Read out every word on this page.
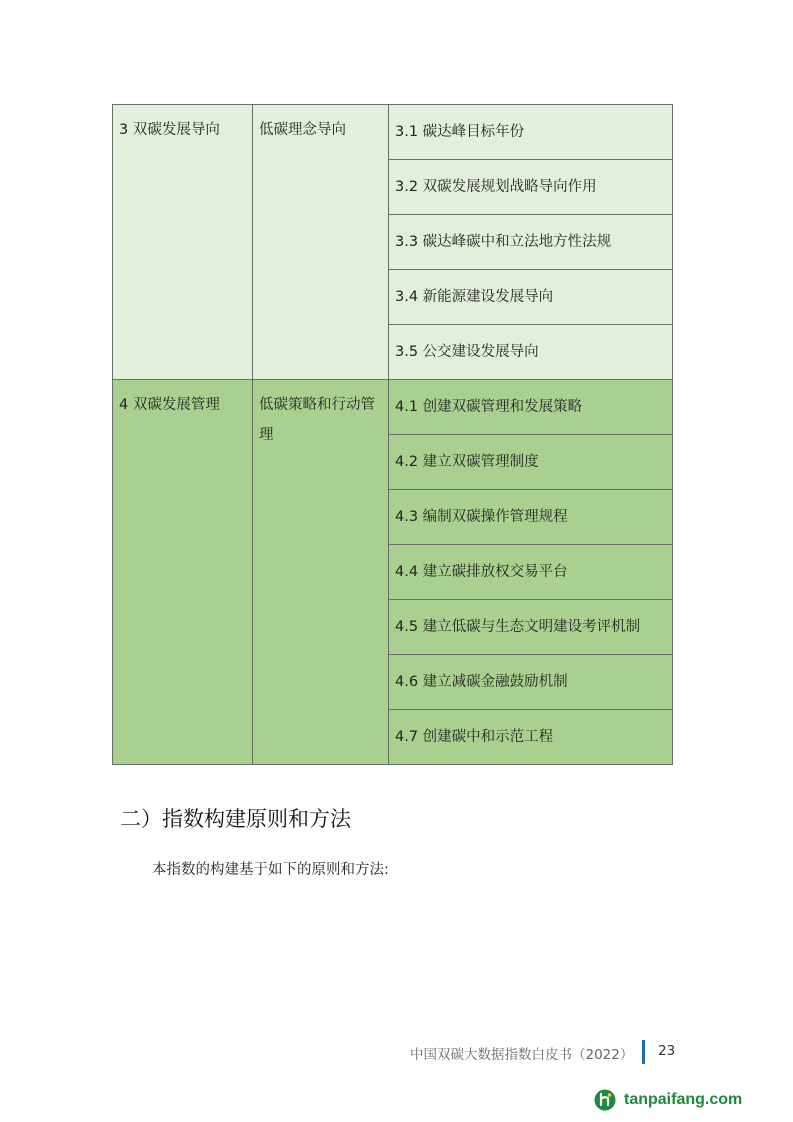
3 双碳发展导向	低碳理念导向	3.1 碳达峰目标年份
		3.2 双碳发展规划战略导向作用
		3.3 碳达峰碳中和立法地方性法规
		3.4 新能源建设发展导向
		3.5 公交建设发展导向
4 双碳发展管理	低碳策略和行动管理	4.1 创建双碳管理和发展策略
		4.2 建立双碳管理制度
		4.3 编制双碳操作管理规程
		4.4 建立碳排放权交易平台
		4.5 建立低碳与生态文明建设考评机制
		4.6 建立减碳金融鼓励机制
		4.7 创建碳中和示范工程
二）指数构建原则和方法
本指数的构建基于如下的原则和方法:
中国双碳大数据指数白皮书（2022） 23
tanpaifang.com
